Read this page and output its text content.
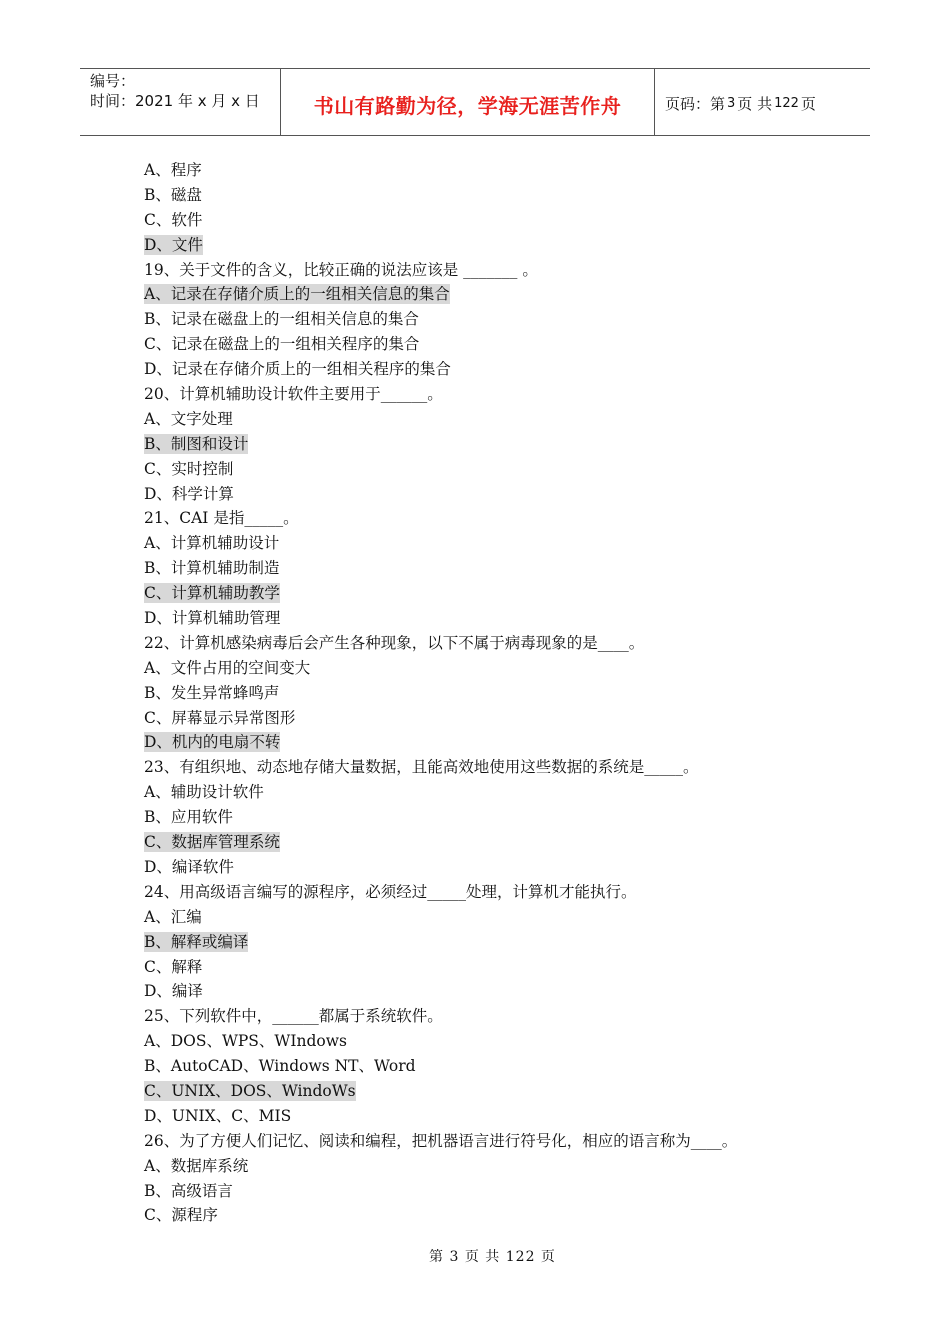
编号：
时间：2021 年 x 月 x 日	书山有路勤为径，学海无涯苦作舟	页码：第 3 页 共 122 页
A、程序
B、磁盘
C、软件
D、文件
19、关于文件的含义，比较正确的说法应该是 _______ 。
A、记录在存储介质上的一组相关信息的集合
B、记录在磁盘上的一组相关信息的集合
C、记录在磁盘上的一组相关程序的集合
D、记录在存储介质上的一组相关程序的集合
20、计算机辅助设计软件主要用于______。
A、文字处理
B、制图和设计
C、实时控制
D、科学计算
21、CAI 是指_____。
A、计算机辅助设计
B、计算机辅助制造
C、计算机辅助教学
D、计算机辅助管理
22、计算机感染病毒后会产生各种现象，以下不属于病毒现象的是____。
A、文件占用的空间变大
B、发生异常蜂鸣声
C、屏幕显示异常图形
D、机内的电扇不转
23、有组织地、动态地存储大量数据，且能高效地使用这些数据的系统是_____。
A、辅助设计软件
B、应用软件
C、数据库管理系统
D、编译软件
24、用高级语言编写的源程序，必须经过_____处理，计算机才能执行。
A、汇编
B、解释或编译
C、解释
D、编译
25、下列软件中，______都属于系统软件。
A、DOS、WPS、WIndows
B、AutoCAD、Windows NT、Word
C、UNIX、DOS、WindoWs
D、UNIX、C、MIS
26、为了方便人们记忆、阅读和编程，把机器语言进行符号化，相应的语言称为____。
A、数据库系统
B、高级语言
C、源程序
第 3 页 共 122 页
